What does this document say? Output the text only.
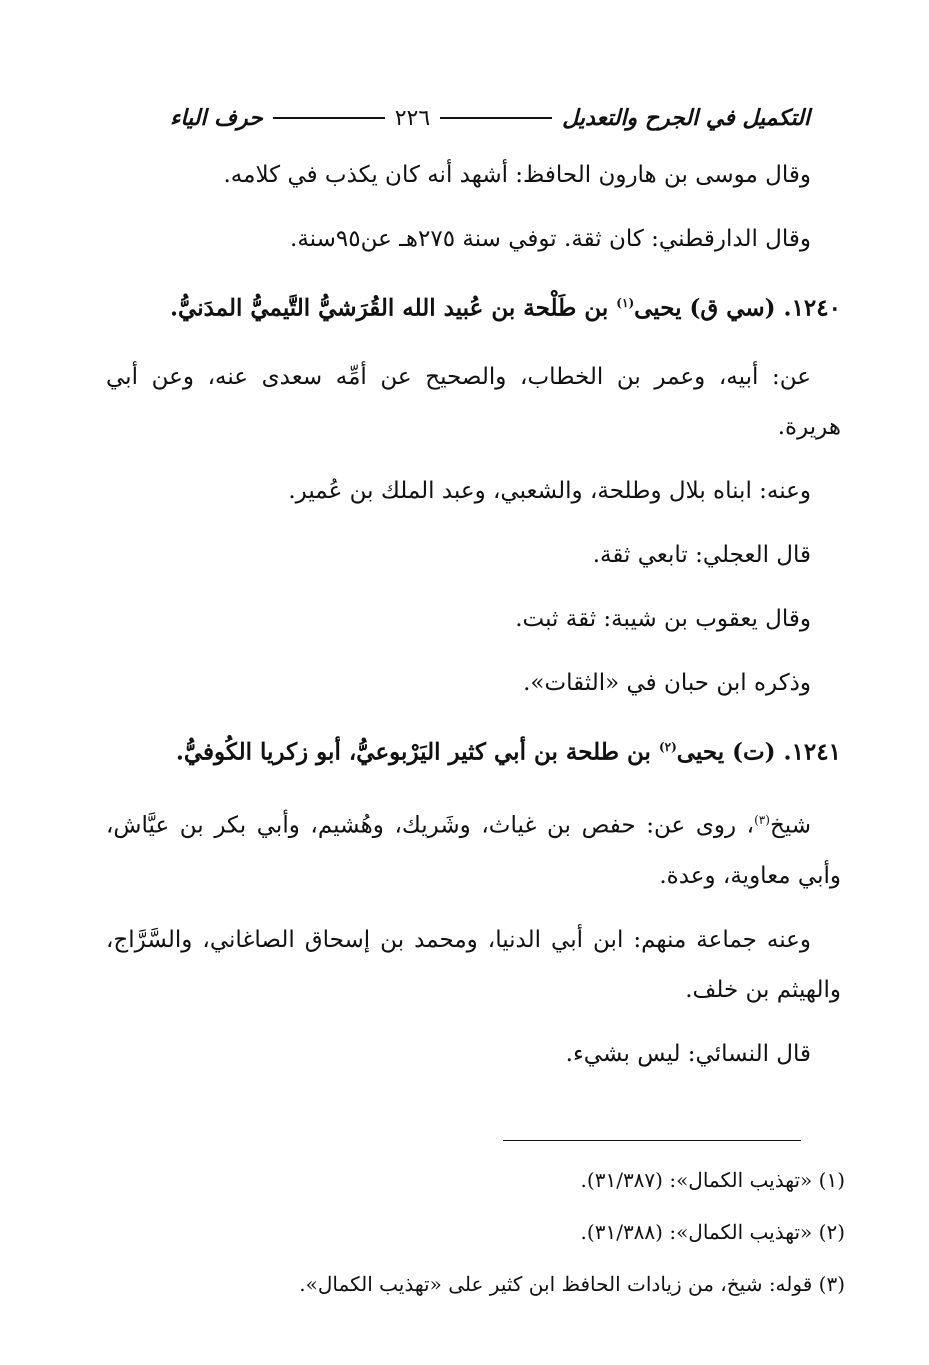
التكميل في الجرح والتعديل
٢٢٦
حرف الياء

وقال موسى بن هارون الحافظ: أشهد أنه كان يكذب في كلامه.

وقال الدارقطني: كان ثقة. توفي سنة ٢٧٥هـ عن٩٥سنة.

١٢٤٠. (سي ق) يحيى$^{(١)}$ بن طَلْحة بن عُبيد الله القُرَشيُّ التَّيميُّ المدَنيُّ.

عن: أبيه، وعمر بن الخطاب، والصحيح عن أمِّه سعدى عنه، وعن أبي هريرة.

وعنه: ابناه بلال وطلحة، والشعبي، وعبد الملك بن عُمير.

قال العجلي: تابعي ثقة.

وقال يعقوب بن شيبة: ثقة ثبت.

وذكره ابن حبان في «الثقات».

١٢٤١. (ت) يحيى$^{(٢)}$ بن طلحة بن أبي كثير اليَرْبوعيُّ، أبو زكريا الكُوفيُّ.

شيخ$^{(٣)}$، روى عن: حفص بن غياث، وشَريك، وهُشيم، وأبي بكر بن عيَّاش، وأبي معاوية، وعدة.

وعنه جماعة منهم: ابن أبي الدنيا، ومحمد بن إسحاق الصاغاني، والسَّرَّاج، والهيثم بن خلف.

قال النسائي: ليس بشيء.

(١) «تهذيب الكمال»: (٣١/٣٨٧).

(٢) «تهذيب الكمال»: (٣١/٣٨٨).

(٣) قوله: شيخ، من زيادات الحافظ ابن كثير على «تهذيب الكمال».
